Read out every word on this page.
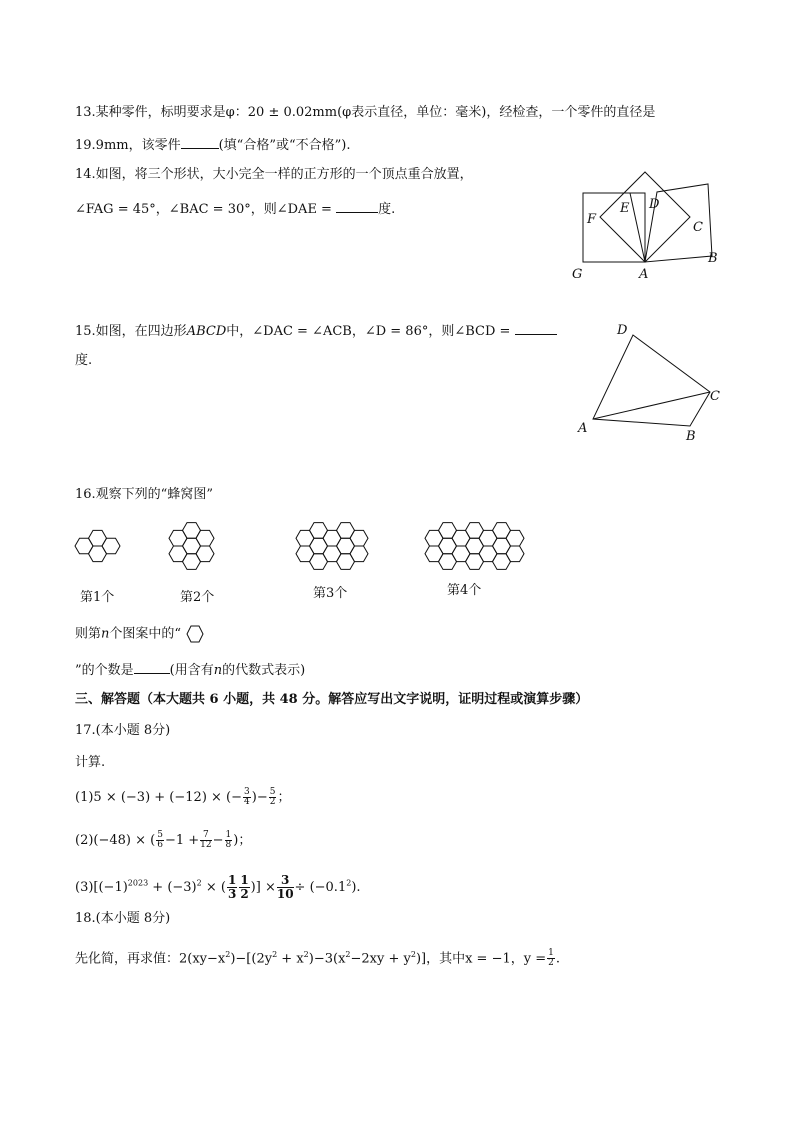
13.某种零件，标明要求是φ：20 ± 0.02mm(φ表示直径，单位：毫米)，经检查，一个零件的直径是
19.9mm，该零件	(填“合格”或“不合格”).
14.如图，将三个形状，大小完全一样的正方形的一个顶点重合放置，
∠FAG = 45°，∠BAC = 30°，则∠DAE =	度.
F
E D
C
G	A
B
15.如图，在四边形ABCD中，∠DAC = ∠ACB，∠D = 86°，则∠BCD =
度.
D
C
A
B
16.观察下列的“蜂窝图”
第1个	第2个	第3个	第4个
则第n个图案中的“
”的个数是	(用含有n的代数式表示)
三、解答题（本大题共 6 小题，共 48 分。解答应写出文字说明，证明过程或演算步骤）
17.(本小题 8分)
计算.
(1)5 × (−3) + (−12) × (− $\frac{3}{4}$ )− $\frac{5}{2}$ ；
(2)(−48) × ( $\frac{5}{6} -1 + \frac{7}{12} - \frac{1}{8}$ )；
$(3)[(-1)^{2023} + (-3)^2$ × ( $\frac{1}{3} \frac{1}{2}$ )] × $\frac{3}{10} \div (-0.1^2)$.
18.(本小题 8分)
先化简，再求值：$2(xy-x^2)-[(2y^2 + x^2)-3(x^2-2xy + y^2)]$，其中x = −1，$y = \frac{1}{2}$ .
